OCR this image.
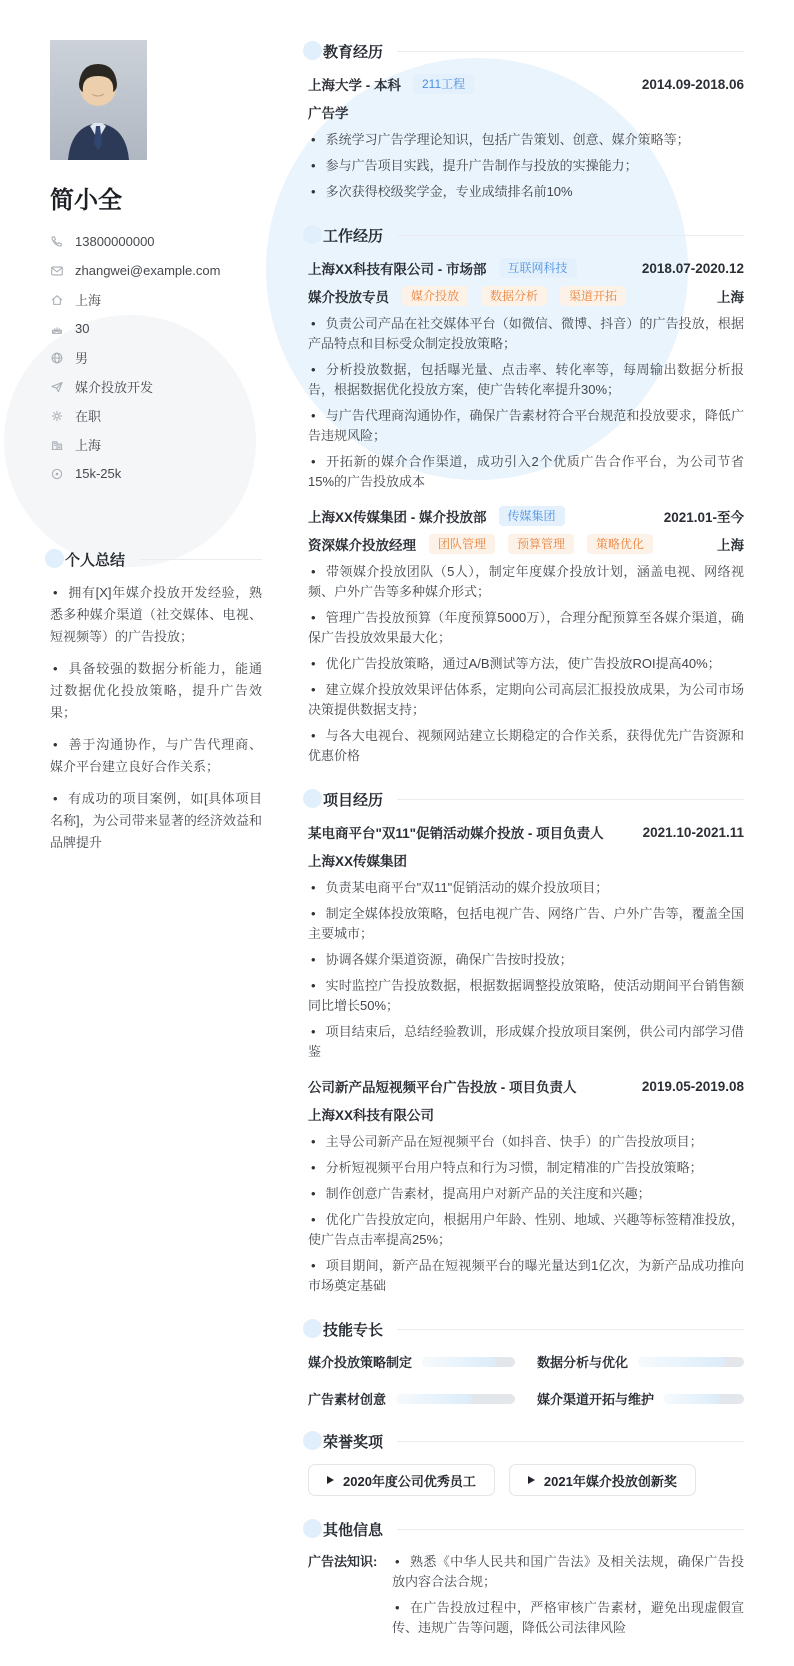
简小全
13800000000
zhangwei@example.com
上海
30
男
媒介投放开发
在职
上海
15k-25k
个人总结
• 拥有[X]年媒介投放开发经验，熟悉多种媒介渠道（社交媒体、电视、短视频等）的广告投放；
• 具备较强的数据分析能力，能通过数据优化投放策略，提升广告效果；
• 善于沟通协作，与广告代理商、媒介平台建立良好合作关系；
• 有成功的项目案例，如[具体项目名称]，为公司带来显著的经济效益和品牌提升
教育经历
上海大学 - 本科	211工程	2014.09-2018.06
广告学
• 系统学习广告学理论知识，包括广告策划、创意、媒介策略等；
• 参与广告项目实践，提升广告制作与投放的实操能力；
• 多次获得校级奖学金，专业成绩排名前10%
工作经历
上海XX科技有限公司 - 市场部	互联网科技	2018.07-2020.12
媒介投放专员	媒介投放	数据分析	渠道开拓	上海
• 负责公司产品在社交媒体平台（如微信、微博、抖音）的广告投放，根据产品特点和目标受众制定投放策略；
• 分析投放数据，包括曝光量、点击率、转化率等，每周输出数据分析报告，根据数据优化投放方案，使广告转化率提升30%；
• 与广告代理商沟通协作，确保广告素材符合平台规范和投放要求，降低广告违规风险；
• 开拓新的媒介合作渠道，成功引入2个优质广告合作平台，为公司节省15%的广告投放成本
上海XX传媒集团 - 媒介投放部	传媒集团	2021.01-至今
资深媒介投放经理	团队管理	预算管理	策略优化	上海
• 带领媒介投放团队（5人），制定年度媒介投放计划，涵盖电视、网络视频、户外广告等多种媒介形式；
• 管理广告投放预算（年度预算5000万），合理分配预算至各媒介渠道，确保广告投放效果最大化；
• 优化广告投放策略，通过A/B测试等方法，使广告投放ROI提高40%；
• 建立媒介投放效果评估体系，定期向公司高层汇报投放成果，为公司市场决策提供数据支持；
• 与各大电视台、视频网站建立长期稳定的合作关系，获得优先广告资源和优惠价格
项目经历
某电商平台"双11"促销活动媒介投放 - 项目负责人	2021.10-2021.11
上海XX传媒集团
• 负责某电商平台"双11"促销活动的媒介投放项目；
• 制定全媒体投放策略，包括电视广告、网络广告、户外广告等，覆盖全国主要城市；
• 协调各媒介渠道资源，确保广告按时投放；
• 实时监控广告投放数据，根据数据调整投放策略，使活动期间平台销售额同比增长50%；
• 项目结束后，总结经验教训，形成媒介投放项目案例，供公司内部学习借鉴
公司新产品短视频平台广告投放 - 项目负责人	2019.05-2019.08
上海XX科技有限公司
• 主导公司新产品在短视频平台（如抖音、快手）的广告投放项目；
• 分析短视频平台用户特点和行为习惯，制定精准的广告投放策略；
• 制作创意广告素材，提高用户对新产品的关注度和兴趣；
• 优化广告投放定向，根据用户年龄、性别、地域、兴趣等标签精准投放，使广告点击率提高25%；
• 项目期间，新产品在短视频平台的曝光量达到1亿次，为新产品成功推向市场奠定基础
技能专长
媒介投放策略制定	数据分析与优化
广告素材创意	媒介渠道开拓与维护
荣誉奖项
2020年度公司优秀员工	2021年媒介投放创新奖
其他信息
广告法知识:	• 熟悉《中华人民共和国广告法》及相关法规，确保广告投放内容合法合规；
• 在广告投放过程中，严格审核广告素材，避免出现虚假宣传、违规广告等问题，降低公司法律风险
